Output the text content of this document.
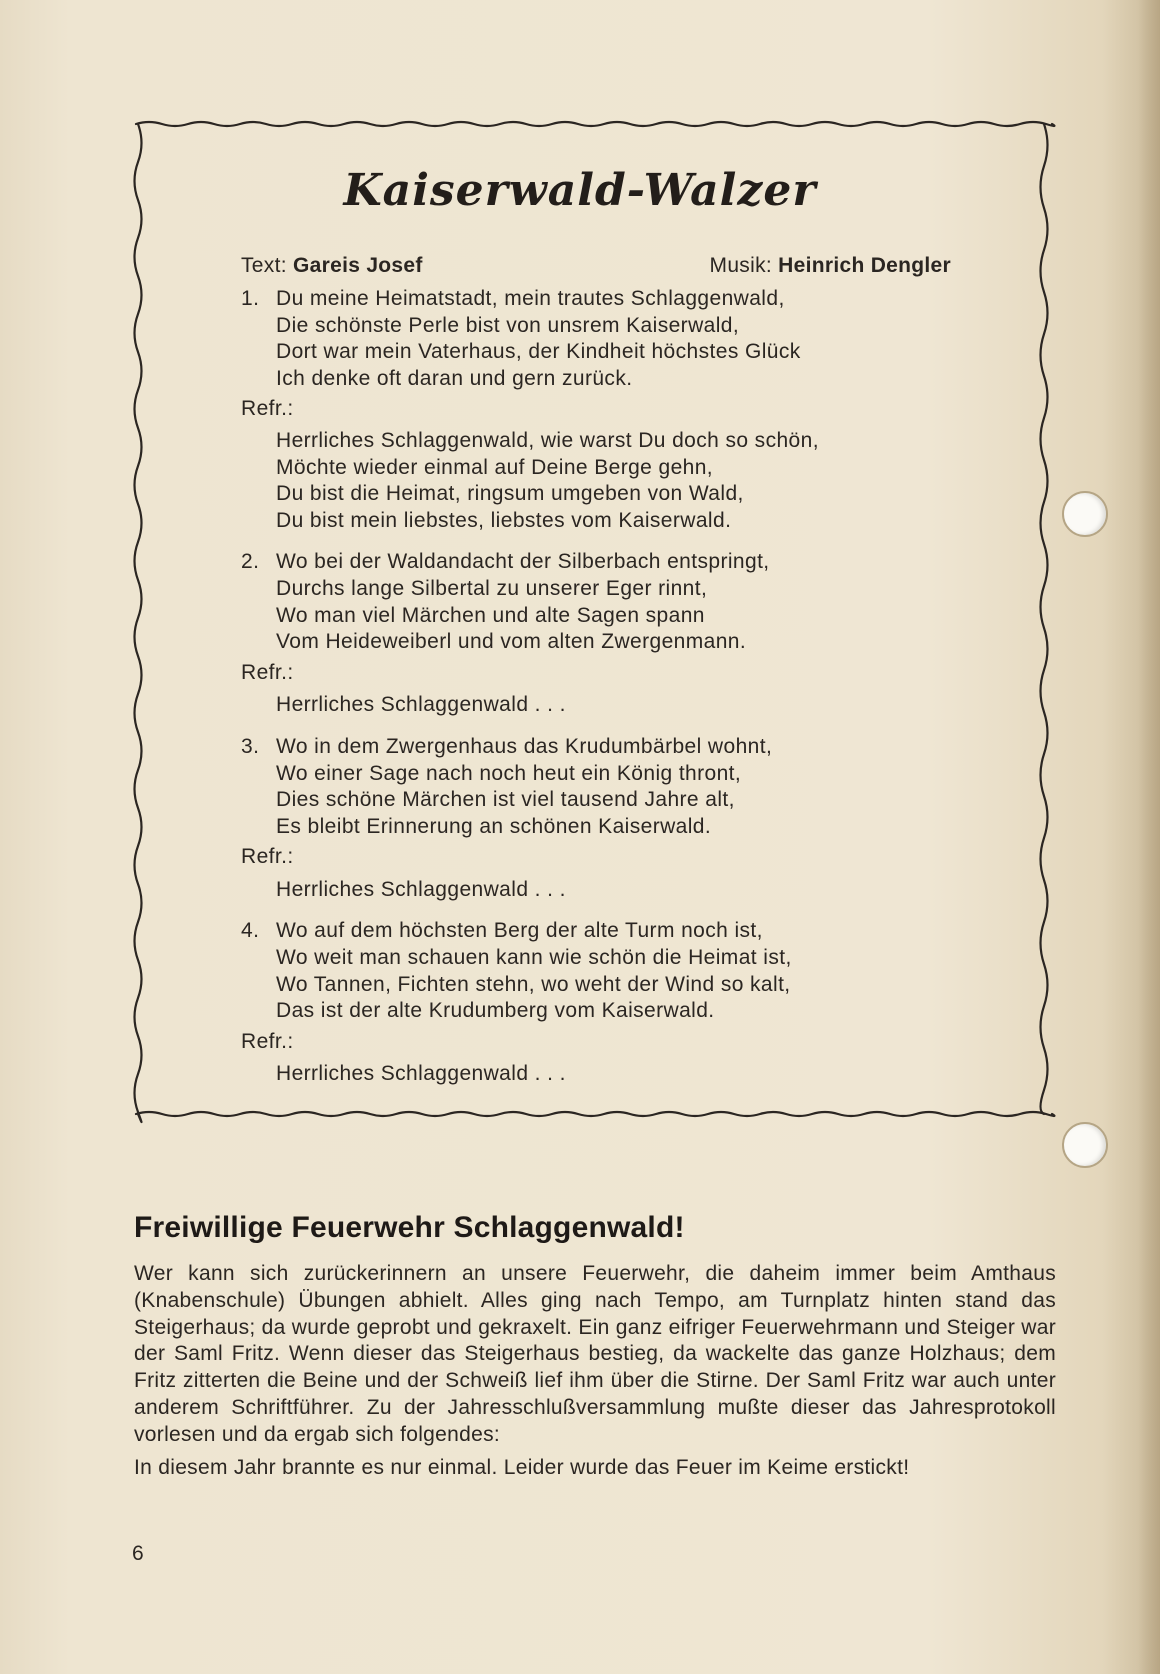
Kaiserwald-Walzer
Text: Gareis Josef	Musik: Heinrich Dengler
1. Du meine Heimatstadt, mein trautes Schlaggenwald,
Die schönste Perle bist von unsrem Kaiserwald,
Dort war mein Vaterhaus, der Kindheit höchstes Glück
Ich denke oft daran und gern zurück.
Refr.:
Herrliches Schlaggenwald, wie warst Du doch so schön,
Möchte wieder einmal auf Deine Berge gehn,
Du bist die Heimat, ringsum umgeben von Wald,
Du bist mein liebstes, liebstes vom Kaiserwald.
2. Wo bei der Waldandacht der Silberbach entspringt,
Durchs lange Silbertal zu unserer Eger rinnt,
Wo man viel Märchen und alte Sagen spann
Vom Heideweiberl und vom alten Zwergenmann.
Refr.:
Herrliches Schlaggenwald . . .
3. Wo in dem Zwergenhaus das Krudumbärbel wohnt,
Wo einer Sage nach noch heut ein König thront,
Dies schöne Märchen ist viel tausend Jahre alt,
Es bleibt Erinnerung an schönen Kaiserwald.
Refr.:
Herrliches Schlaggenwald . . .
4. Wo auf dem höchsten Berg der alte Turm noch ist,
Wo weit man schauen kann wie schön die Heimat ist,
Wo Tannen, Fichten stehn, wo weht der Wind so kalt,
Das ist der alte Krudumberg vom Kaiserwald.
Refr.:
Herrliches Schlaggenwald . . .
Freiwillige Feuerwehr Schlaggenwald!

Wer kann sich zurückerinnern an unsere Feuerwehr, die daheim immer beim Amthaus (Knabenschule) Übungen abhielt. Alles ging nach Tempo, am Turnplatz hinten stand das Steigerhaus; da wurde geprobt und gekraxelt. Ein ganz eifriger Feuerwehrmann und Steiger war der Saml Fritz. Wenn dieser das Steigerhaus bestieg, da wackelte das ganze Holzhaus; dem Fritz zitterten die Beine und der Schweiß lief ihm über die Stirne. Der Saml Fritz war auch unter anderem Schriftführer. Zu der Jahresschlußversammlung mußte dieser das Jahresprotokoll vorlesen und da ergab sich folgendes:

In diesem Jahr brannte es nur einmal. Leider wurde das Feuer im Keime erstickt!

6
